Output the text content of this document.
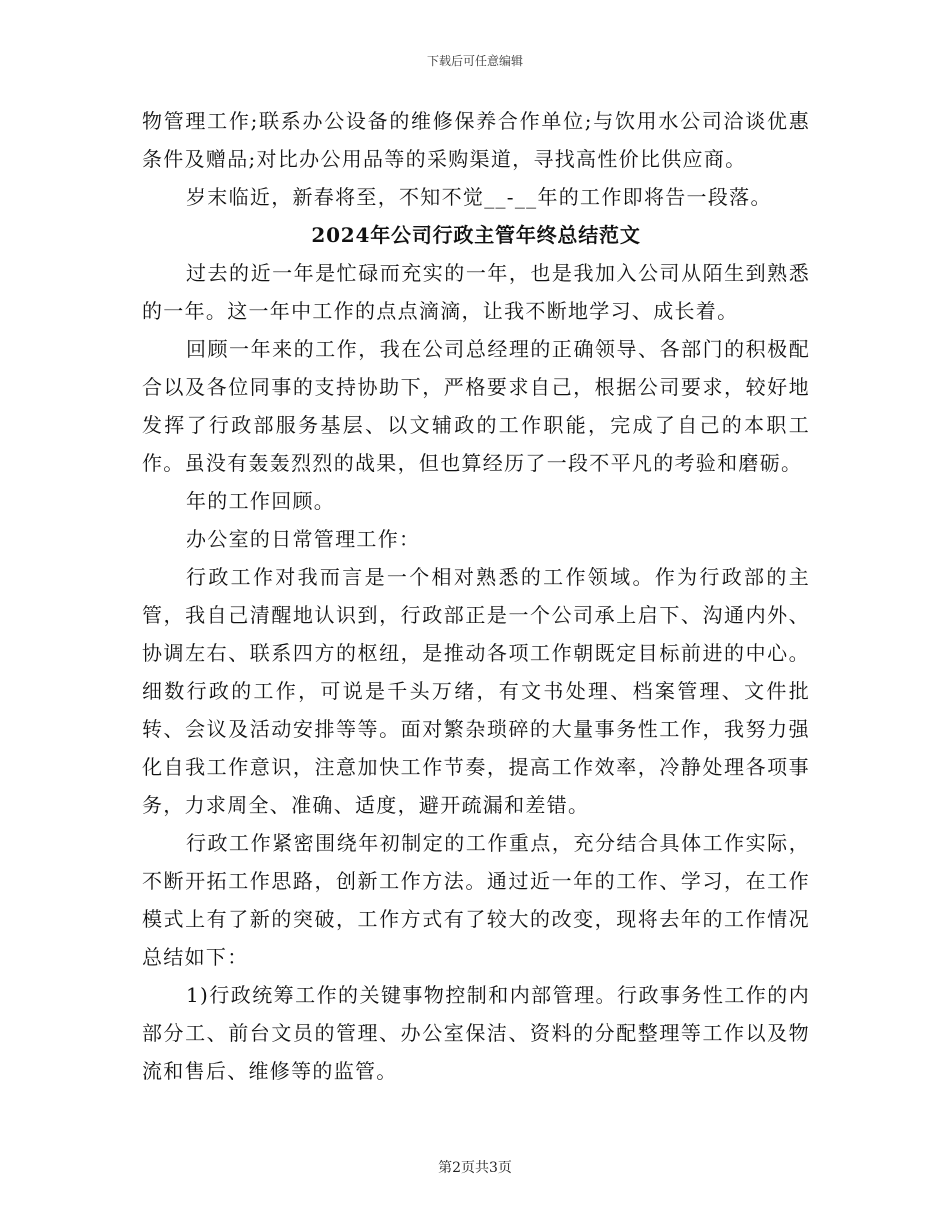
下载后可任意编辑

物管理工作;联系办公设备的维修保养合作单位;与饮用水公司洽谈优惠条件及赠品;对比办公用品等的采购渠道，寻找高性价比供应商。

岁末临近，新春将至，不知不觉__-__年的工作即将告一段落。

2024年公司行政主管年终总结范文

过去的近一年是忙碌而充实的一年，也是我加入公司从陌生到熟悉的一年。这一年中工作的点点滴滴，让我不断地学习、成长着。

回顾一年来的工作，我在公司总经理的正确领导、各部门的积极配合以及各位同事的支持协助下，严格要求自己，根据公司要求，较好地发挥了行政部服务基层、以文辅政的工作职能，完成了自己的本职工作。虽没有轰轰烈烈的战果，但也算经历了一段不平凡的考验和磨砺。

年的工作回顾。

办公室的日常管理工作：

行政工作对我而言是一个相对熟悉的工作领域。作为行政部的主管，我自己清醒地认识到，行政部正是一个公司承上启下、沟通内外、协调左右、联系四方的枢纽，是推动各项工作朝既定目标前进的中心。细数行政的工作，可说是千头万绪，有文书处理、档案管理、文件批转、会议及活动安排等等。面对繁杂琐碎的大量事务性工作，我努力强化自我工作意识，注意加快工作节奏，提高工作效率，冷静处理各项事务，力求周全、准确、适度，避开疏漏和差错。

行政工作紧密围绕年初制定的工作重点，充分结合具体工作实际，不断开拓工作思路，创新工作方法。通过近一年的工作、学习，在工作模式上有了新的突破，工作方式有了较大的改变，现将去年的工作情况总结如下：

1)行政统筹工作的关键事物控制和内部管理。行政事务性工作的内部分工、前台文员的管理、办公室保洁、资料的分配整理等工作以及物流和售后、维修等的监管。

第2页共3页
